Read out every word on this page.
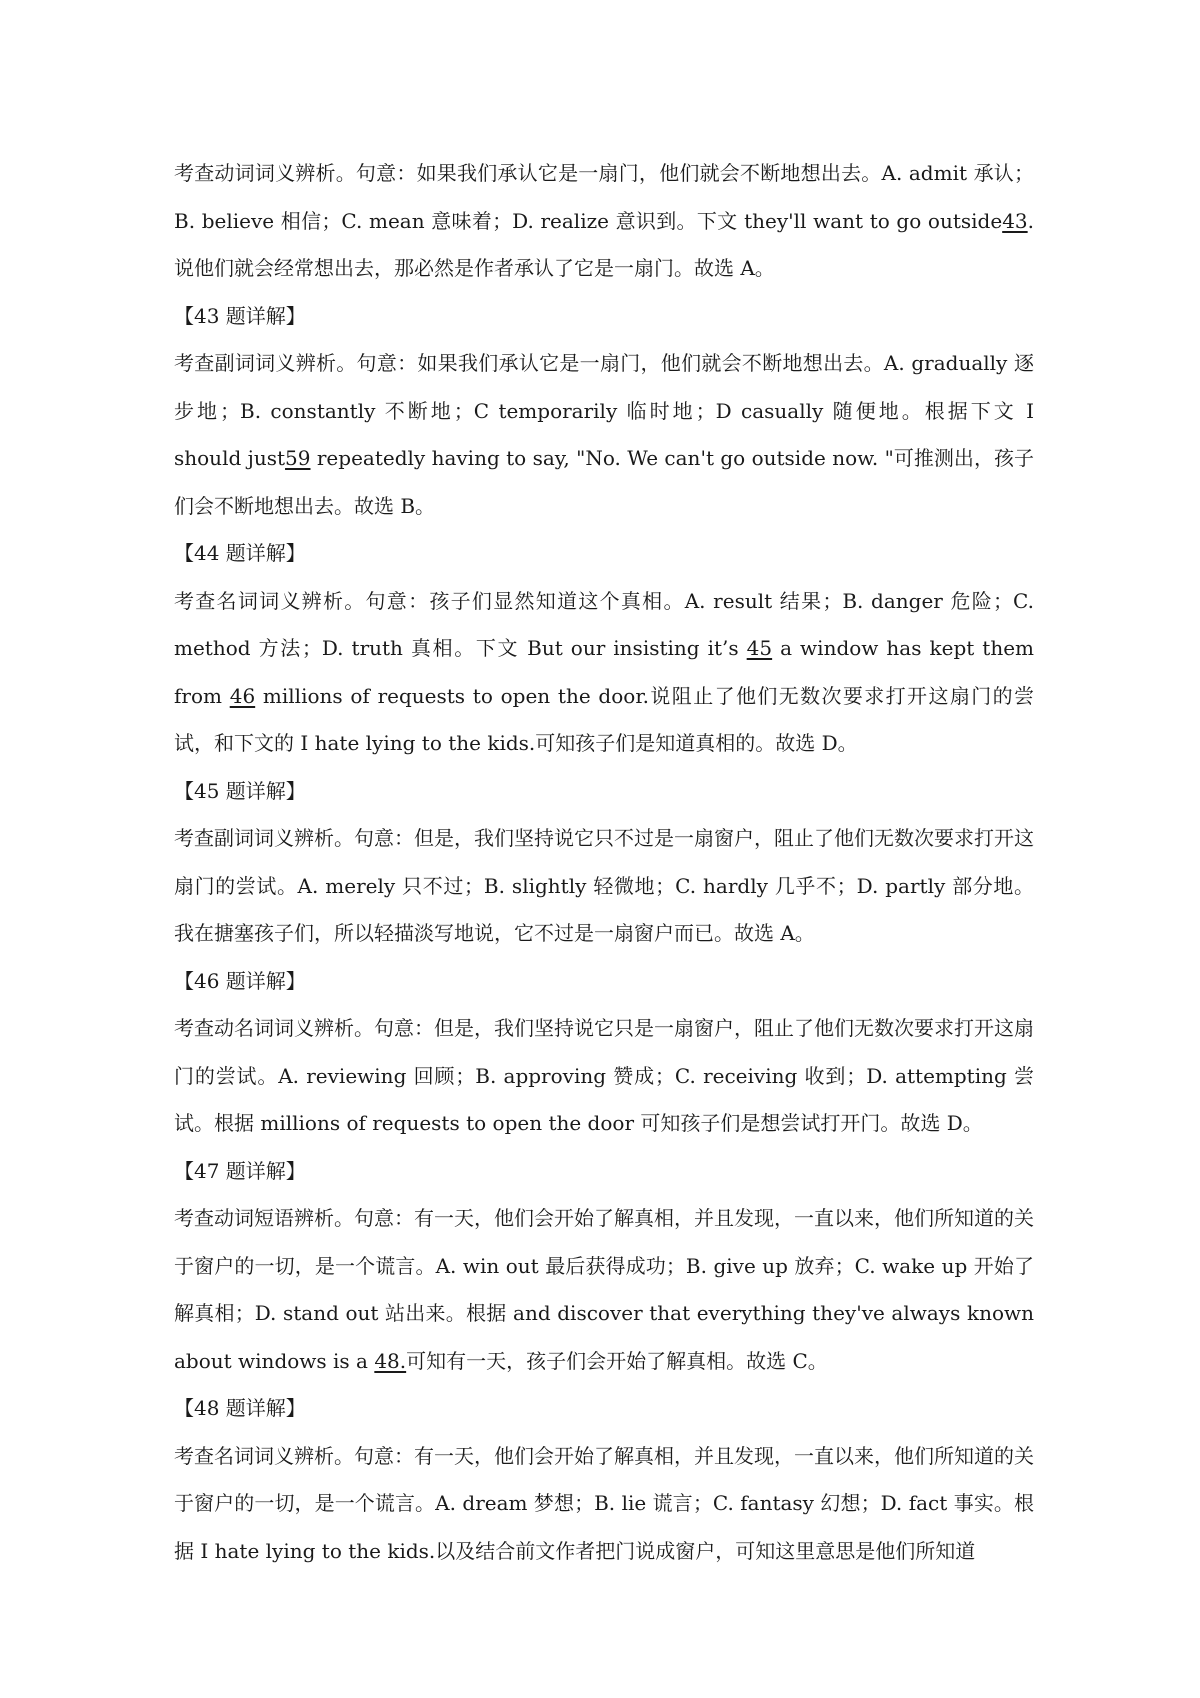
考查动词词义辨析。句意：如果我们承认它是一扇门，他们就会不断地想出去。A. admit 承认；B. believe 相信；C. mean 意味着；D. realize 意识到。下文 they'll want to go outside43.说他们就会经常想出去，那必然是作者承认了它是一扇门。故选 A。

【43 题详解】

考查副词词义辨析。句意：如果我们承认它是一扇门，他们就会不断地想出去。A. gradually 逐步地；B. constantly 不断地；C temporarily 临时地；D casually 随便地。根据下文 I should just59 repeatedly having to say, "No. We can't go outside now. "可推测出，孩子们会不断地想出去。故选 B。

【44 题详解】

考查名词词义辨析。句意：孩子们显然知道这个真相。A. result 结果；B. danger 危险；C. method 方法；D. truth 真相。下文 But our insisting it’s 45 a window has kept them from 46 millions of requests to open the door.说阻止了他们无数次要求打开这扇门的尝试，和下文的 I hate lying to the kids.可知孩子们是知道真相的。故选 D。

【45 题详解】

考查副词词义辨析。句意：但是，我们坚持说它只不过是一扇窗户，阻止了他们无数次要求打开这扇门的尝试。A. merely 只不过；B. slightly 轻微地；C. hardly 几乎不；D. partly 部分地。我在搪塞孩子们，所以轻描淡写地说，它不过是一扇窗户而已。故选 A。

【46 题详解】

考查动名词词义辨析。句意：但是，我们坚持说它只是一扇窗户，阻止了他们无数次要求打开这扇门的尝试。A. reviewing 回顾；B. approving 赞成；C. receiving 收到；D. attempting 尝试。根据 millions of requests to open the door 可知孩子们是想尝试打开门。故选 D。

【47 题详解】

考查动词短语辨析。句意：有一天，他们会开始了解真相，并且发现，一直以来，他们所知道的关于窗户的一切，是一个谎言。A. win out 最后获得成功；B. give up 放弃；C. wake up 开始了解真相；D. stand out 站出来。根据 and discover that everything they've always known about windows is a 48.可知有一天，孩子们会开始了解真相。故选 C。

【48 题详解】

考查名词词义辨析。句意：有一天，他们会开始了解真相，并且发现，一直以来，他们所知道的关于窗户的一切，是一个谎言。A. dream 梦想；B. lie 谎言；C. fantasy 幻想；D. fact 事实。根据 I hate lying to the kids.以及结合前文作者把门说成窗户，可知这里意思是他们所知道
